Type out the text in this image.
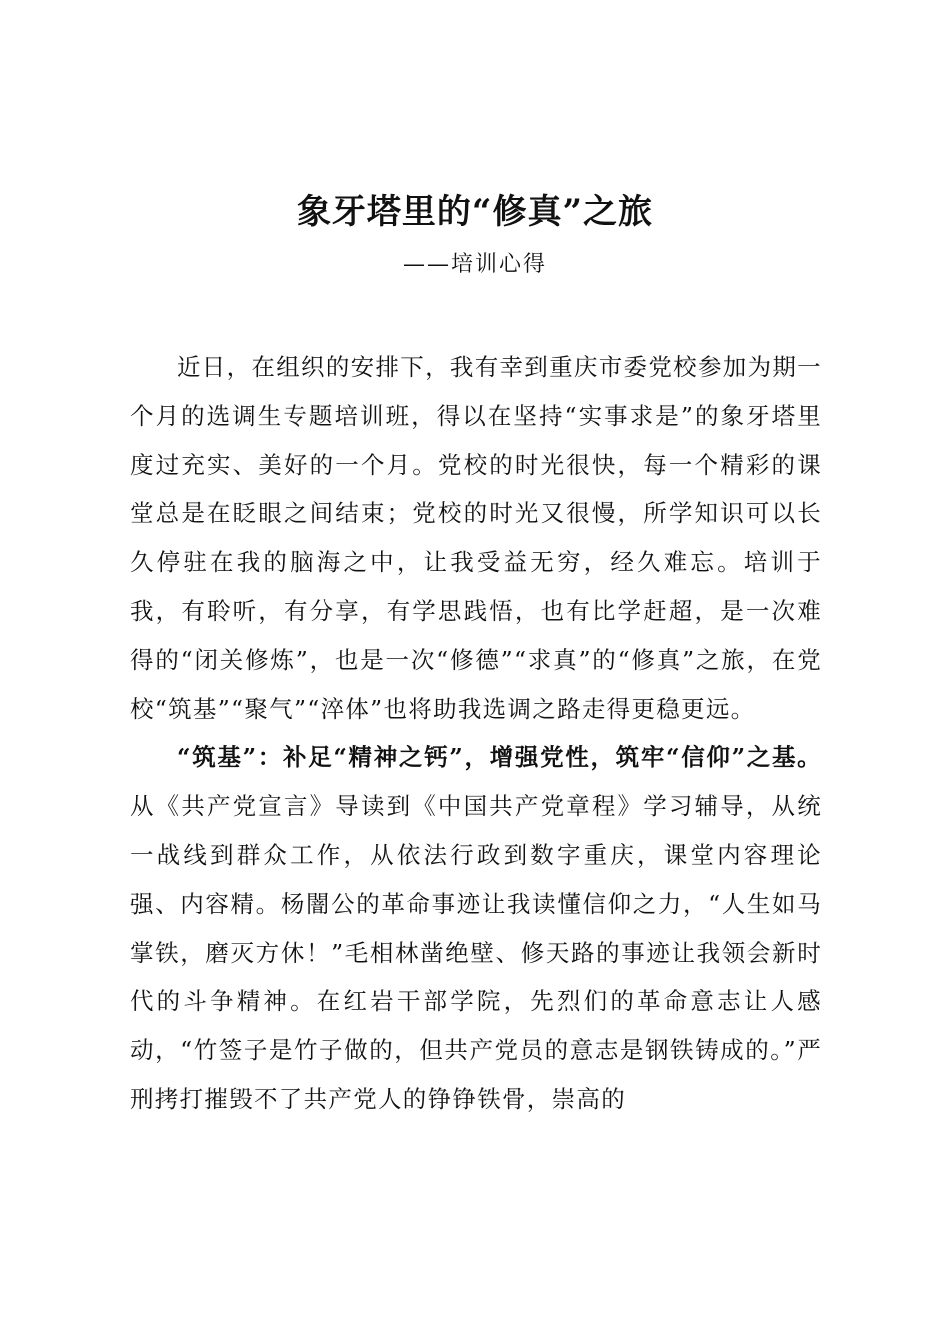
象牙塔里的“修真”之旅
——培训心得

近日，在组织的安排下，我有幸到重庆市委党校参加为期一个月的选调生专题培训班，得以在坚持“实事求是”的象牙塔里度过充实、美好的一个月。党校的时光很快，每一个精彩的课堂总是在眨眼之间结束；党校的时光又很慢，所学知识可以长久停驻在我的脑海之中，让我受益无穷，经久难忘。培训于我，有聆听，有分享，有学思践悟，也有比学赶超，是一次难得的“闭关修炼”，也是一次“修德”“求真”的“修真”之旅，在党校“筑基”“聚气”“淬体”也将助我选调之路走得更稳更远。

“筑基”：补足“精神之钙”，增强党性，筑牢“信仰”之基。从《共产党宣言》导读到《中国共产党章程》学习辅导，从统一战线到群众工作，从依法行政到数字重庆，课堂内容理论强、内容精。杨闇公的革命事迹让我读懂信仰之力，“人生如马掌铁，磨灭方休！”毛相林凿绝壁、修天路的事迹让我领会新时代的斗争精神。在红岩干部学院，先烈们的革命意志让人感动，“竹签子是竹子做的，但共产党员的意志是钢铁铸成的。”严刑拷打摧毁不了共产党人的铮铮铁骨，崇高的
